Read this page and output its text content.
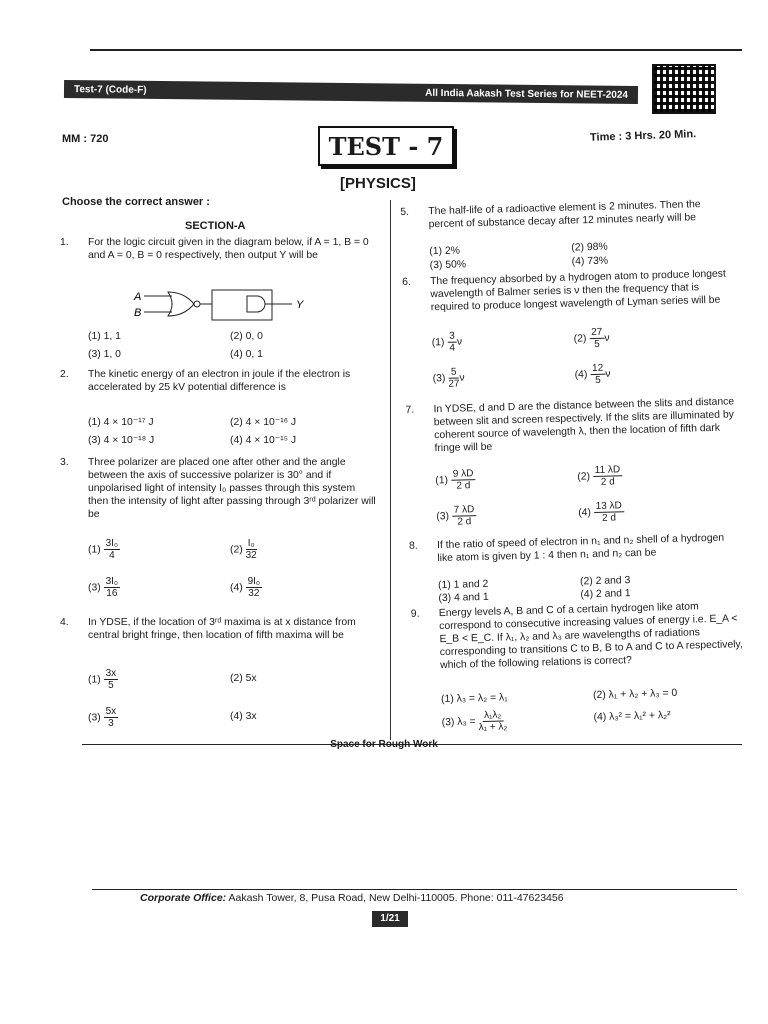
Test-7 (Code-F)	All India Aakash Test Series for NEET-2024
MM : 720	TEST - 7	Time : 3 Hrs. 20 Min.
[PHYSICS]
Choose the correct answer :
SECTION-A
1. For the logic circuit given in the diagram below, if A = 1, B = 0 and A = 0, B = 0 respectively, then output Y will be
A
B
Y
(1) 1, 1	(2) 0, 0
(3) 1, 0	(4) 0, 1
2. The kinetic energy of an electron in joule if the electron is accelerated by 25 kV potential difference is
(1) 4 × 10⁻¹⁷ J	(2) 4 × 10⁻¹⁶ J
(3) 4 × 10⁻¹⁸ J	(4) 4 × 10⁻¹⁵ J
3. Three polarizer are placed one after other and the angle between the axis of successive polarizer is 30° and if unpolarised light of intensity I₀ passes through this system then the intensity of light after passing through 3ʳᵈ polarizer will be
$(1) \frac{\text{3I₀}}{4}$	$(2) \frac{\text{I₀}}{32}$
$(3) \frac{\text{3I₀}}{16}$	$(4) \frac{\text{9I₀}}{32}$
4. In YDSE, if the location of 3ʳᵈ maxima is at x distance from central bright fringe, then location of fifth maxima will be
$(1) \frac{3x}{5}$	(2) 5x
$(3) \frac{5x}{3}$	(4) 3x
5. The half-life of a radioactive element is 2 minutes. Then the percent of substance decay after 12 minutes nearly will be
(1) 2%	(2) 98%
(3) 50%	(4) 73%
6. The frequency absorbed by a hydrogen atom to produce longest wavelength of Balmer series is ν then the frequency that is required to produce longest wavelength of Lyman series will be
$(1) \frac{3}{4}$ ν	$(2) \frac{27}{5}$ ν
$(3) \frac{5}{27}$ ν	$(4) \frac{12}{5}$ ν
7. In YDSE, d and D are the distance between the slits and distance between slit and screen respectively. If the slits are illuminated by coherent source of wavelength λ, then the location of fifth dark fringe will be
$(1) \frac{9 \lambda D}{2 d}$	$(2) \frac{11 \lambda D}{2 d}$
$(3) \frac{7 \lambda D}{2 d}$	$(4) \frac{13 \lambda D}{2 d}$
8. If the ratio of speed of electron in n₁ and n₂ shell of a hydrogen like atom is given by 1 : 4 then n₁ and n₂ can be
(1) 1 and 2	(2) 2 and 3
(3) 4 and 1	(4) 2 and 1
9. Energy levels A, B and C of a certain hydrogen like atom correspond to consecutive increasing values of energy i.e. E_A < E_B < E_C. If λ₁, λ₂ and λ₃ are wavelengths of radiations corresponding to transitions C to B, B to A and C to A respectively, which of the following relations is correct?
(1) λ₃ = λ₂ = λ₁	(2) λ₁ + λ₂ + λ₃ = 0
(3) $\lambda_3 = \frac{\text{λ₁λ₂}}{\text{λ₁ + λ₂}}$	(4) λ₃² = λ₁² + λ₂²
Space for Rough Work
Corporate Office: Aakash Tower, 8, Pusa Road, New Delhi-110005. Phone: 011-47623456
1/21
